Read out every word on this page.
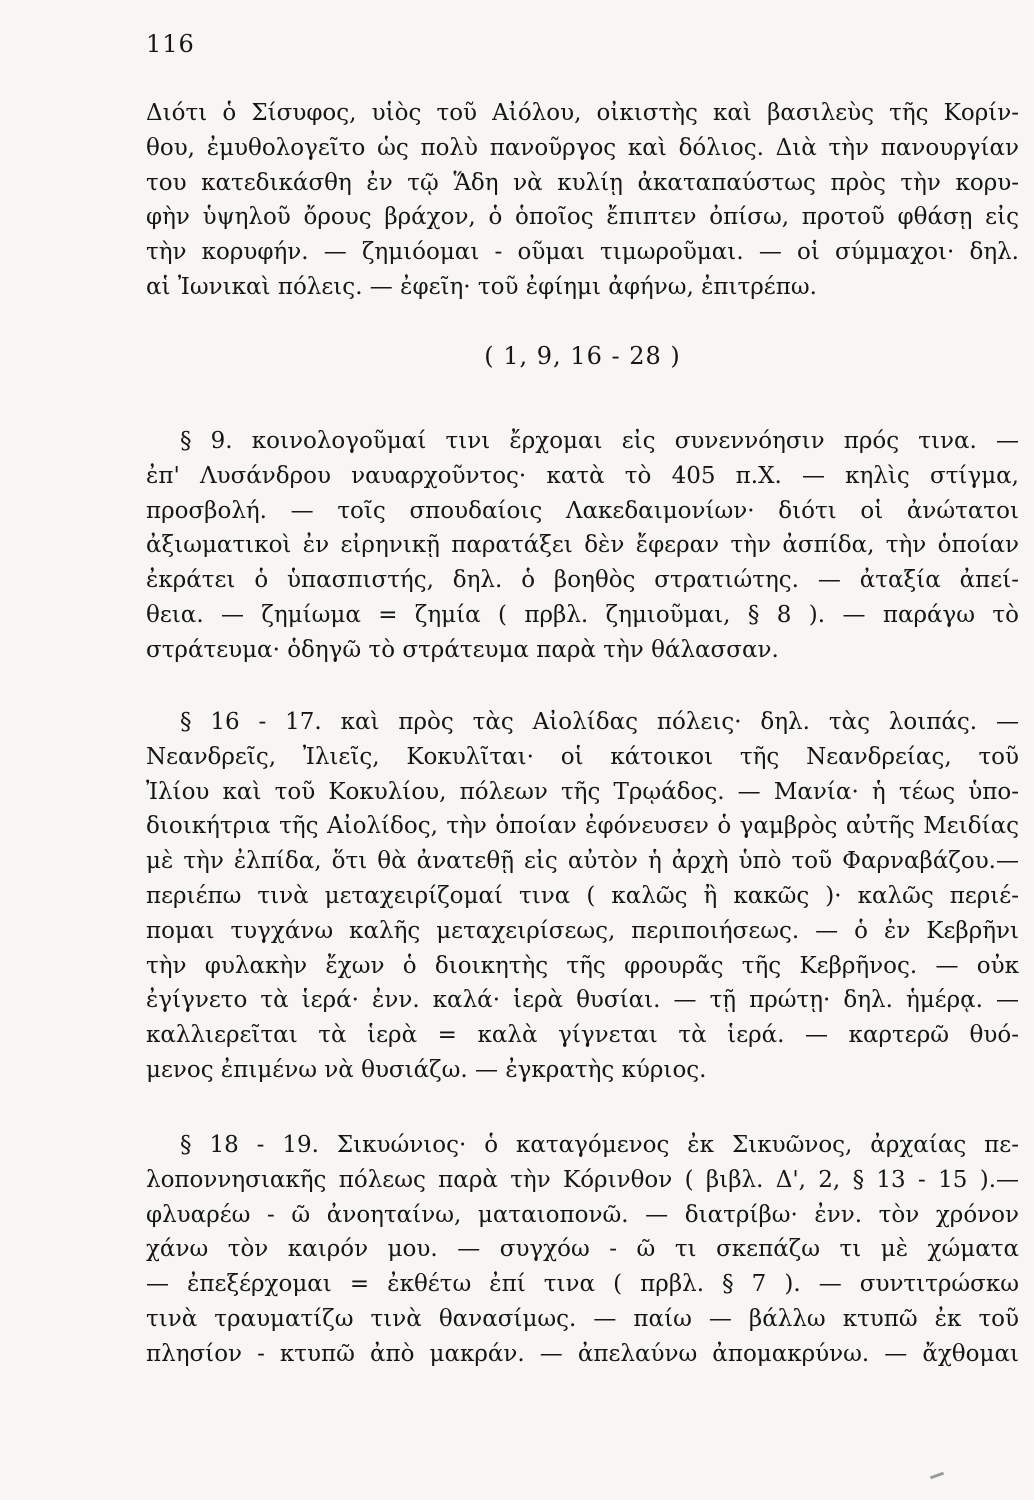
116
Διότι ὁ Σίσυφος, υἱὸς τοῦ Αἰόλου, οἰκιστὴς καὶ βασιλεὺς τῆς Κορίν-
θου, ἐμυθολογεῖτο ὡς πολὺ πανοῦργος καὶ δόλιος. Διὰ τὴν πανουργίαν
του κατεδικάσθη ἐν τῷ Ἅδη νὰ κυλίῃ ἀκαταπαύστως πρὸς τὴν κορυ-
φὴν ὑψηλοῦ ὄρους βράχον, ὁ ὁποῖος ἔπιπτεν ὀπίσω, προτοῦ φθάσῃ εἰς
τὴν κορυφήν. — ζημιόομαι - οῦμαι τιμωροῦμαι. — οἱ σύμμαχοι· δηλ.
αἱ Ἰωνικαὶ πόλεις. — ἐφεῖη· τοῦ ἐφίημι ἀφήνω, ἐπιτρέπω.
( 1, 9, 16 - 28 )
§ 9. κοινολογοῦμαί τινι ἔρχομαι εἰς συνεννόησιν πρός τινα. —
ἐπ' Λυσάνδρου ναυαρχοῦντος· κατὰ τὸ 405 π.Χ. — κηλὶς στίγμα,
προσβολή. — τοῖς σπουδαίοις Λακεδαιμονίων· διότι οἱ ἀνώτατοι
ἀξιωματικοὶ ἐν εἰρηνικῇ παρατάξει δὲν ἔφεραν τὴν ἀσπίδα, τὴν ὁποίαν
ἐκράτει ὁ ὑπασπιστής, δηλ. ὁ βοηθὸς στρατιώτης. — ἀταξία ἀπεί-
θεια. — ζημίωμα = ζημία ( πρβλ. ζημιοῦμαι, § 8 ). — παράγω τὸ
στράτευμα· ὁδηγῶ τὸ στράτευμα παρὰ τὴν θάλασσαν.
§ 16 - 17. καὶ πρὸς τὰς Αἰολίδας πόλεις· δηλ. τὰς λοιπάς. —
Νεανδρεῖς, Ἰλιεῖς, Κοκυλῖται· οἱ κάτοικοι τῆς Νεανδρείας, τοῦ
Ἰλίου καὶ τοῦ Κοκυλίου, πόλεων τῆς Τρῳάδος. — Μανία· ἡ τέως ὑπο-
διοικήτρια τῆς Αἰολίδος, τὴν ὁποίαν ἐφόνευσεν ὁ γαμβρὸς αὐτῆς Μειδίας
μὲ τὴν ἐλπίδα, ὅτι θὰ ἀνατεθῇ εἰς αὐτὸν ἡ ἀρχὴ ὑπὸ τοῦ Φαρναβάζου.—
περιέπω τινὰ μεταχειρίζομαί τινα ( καλῶς ἢ κακῶς )· καλῶς περιέ-
πομαι τυγχάνω καλῆς μεταχειρίσεως, περιποιήσεως. — ὁ ἐν Κεβρῆνι
τὴν φυλακὴν ἔχων ὁ διοικητὴς τῆς φρουρᾶς τῆς Κεβρῆνος. — οὐκ
ἐγίγνετο τὰ ἱερά· ἐνν. καλά· ἱερὰ θυσίαι. — τῇ πρώτῃ· δηλ. ἡμέρᾳ. —
καλλιερεῖται τὰ ἱερὰ = καλὰ γίγνεται τὰ ἱερά. — καρτερῶ θυό-
μενος ἐπιμένω νὰ θυσιάζω. — ἐγκρατὴς κύριος.
§ 18 - 19. Σικυώνιος· ὁ καταγόμενος ἐκ Σικυῶνος, ἀρχαίας πε-
λοποννησιακῆς πόλεως παρὰ τὴν Κόρινθον ( βιβλ. Δ', 2, § 13 - 15 ).—
φλυαρέω - ῶ ἀνοηταίνω, ματαιοπονῶ. — διατρίβω· ἐνν. τὸν χρόνον
χάνω τὸν καιρόν μου. — συγχόω - ῶ τι σκεπάζω τι μὲ χώματα
— ἐπεξέρχομαι = ἐκθέτω ἐπί τινα ( πρβλ. § 7 ). — συντιτρώσκω
τινὰ τραυματίζω τινὰ θανασίμως. — παίω — βάλλω κτυπῶ ἐκ τοῦ
πλησίον - κτυπῶ ἀπὸ μακράν. — ἀπελαύνω ἀπομακρύνω. — ἄχθομαι
